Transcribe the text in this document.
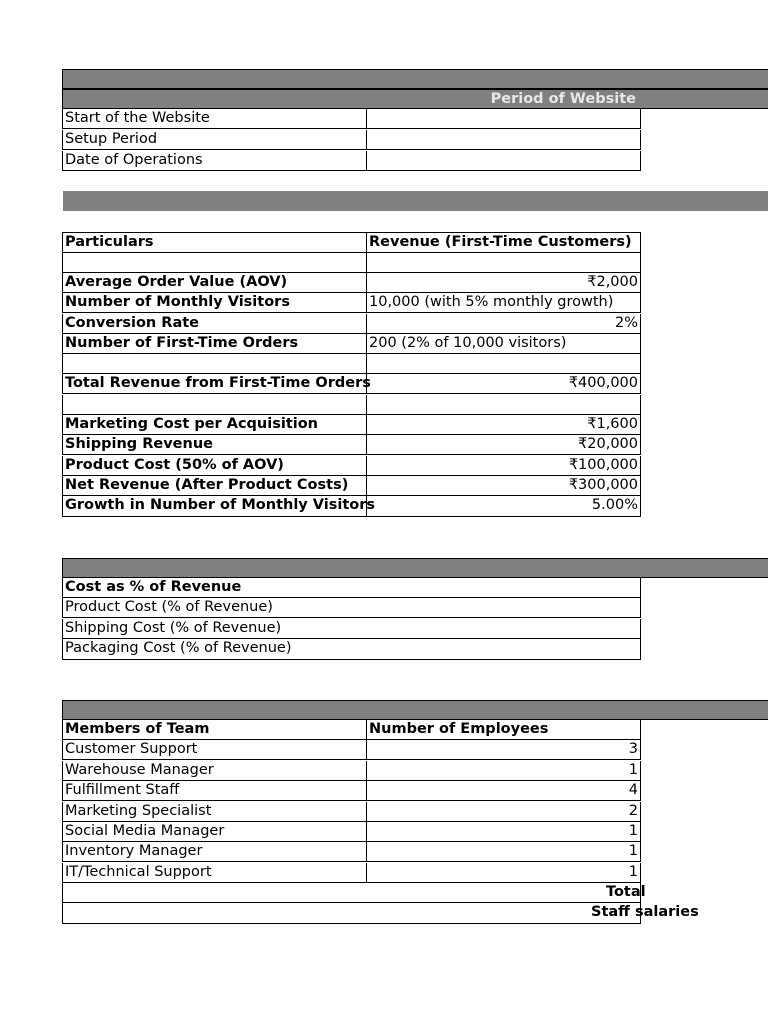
Period of Website
Start of the Website
Setup Period
Date of Operations
Particulars	Revenue (First-Time Customers)
Average Order Value (AOV)	₹2,000
Number of Monthly Visitors	10,000 (with 5% monthly growth)
Conversion Rate	2%
Number of First-Time Orders	200 (2% of 10,000 visitors)
Total Revenue from First-Time Orders	₹400,000
Marketing Cost per Acquisition	₹1,600
Shipping Revenue	₹20,000
Product Cost (50% of AOV)	₹100,000
Net Revenue (After Product Costs)	₹300,000
Growth in Number of Monthly Visitors	5.00%
Cost as % of Revenue
Product Cost (% of Revenue)
Shipping Cost (% of Revenue)
Packaging Cost (% of Revenue)
Members of Team	Number of Employees
Customer Support	3
Warehouse Manager	1
Fulfillment Staff	4
Marketing Specialist	2
Social Media Manager	1
Inventory Manager	1
IT/Technical Support	1
Total
Staff salaries
